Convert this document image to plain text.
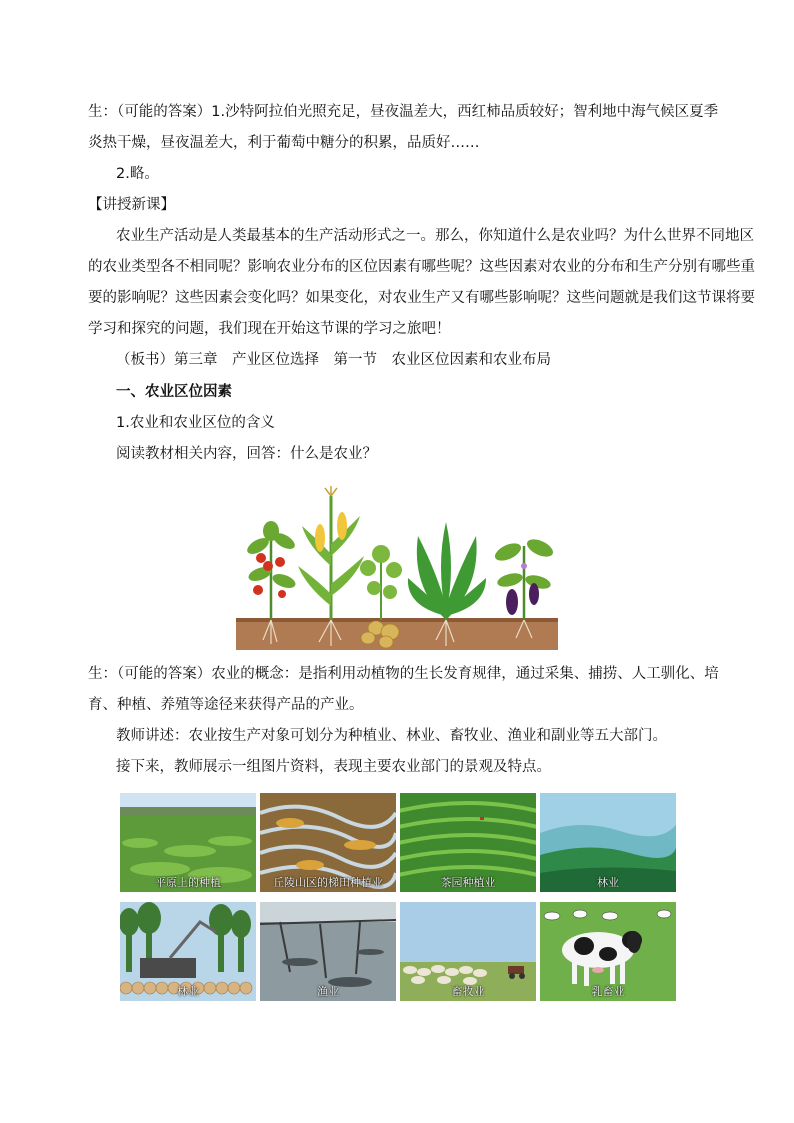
生：（可能的答案）1.沙特阿拉伯光照充足，昼夜温差大，西红柿品质较好；智利地中海气候区夏季
炎热干燥，昼夜温差大，利于葡萄中糖分的积累，品质好……
2.略。
【讲授新课】
农业生产活动是人类最基本的生产活动形式之一。那么，你知道什么是农业吗？为什么世界不同地区
的农业类型各不相同呢？影响农业分布的区位因素有哪些呢？这些因素对农业的分布和生产分别有哪些重
要的影响呢？这些因素会变化吗？如果变化，对农业生产又有哪些影响呢？这些问题就是我们这节课将要
学习和探究的问题，我们现在开始这节课的学习之旅吧！
（板书）第三章　产业区位选择　第一节　农业区位因素和农业布局
一、农业区位因素
1.农业和农业区位的含义
阅读教材相关内容，回答：什么是农业？
生：（可能的答案）农业的概念：是指利用动植物的生长发育规律，通过采集、捕捞、人工驯化、培
育、种植、养殖等途径来获得产品的产业。
教师讲述：农业按生产对象可划分为种植业、林业、畜牧业、渔业和副业等五大部门。
接下来，教师展示一组图片资料，表现主要农业部门的景观及特点。
平原上的种植	丘陵山区的梯田种植业	茶园种植业	林业
林业	渔业	畜牧业	乳畜业
